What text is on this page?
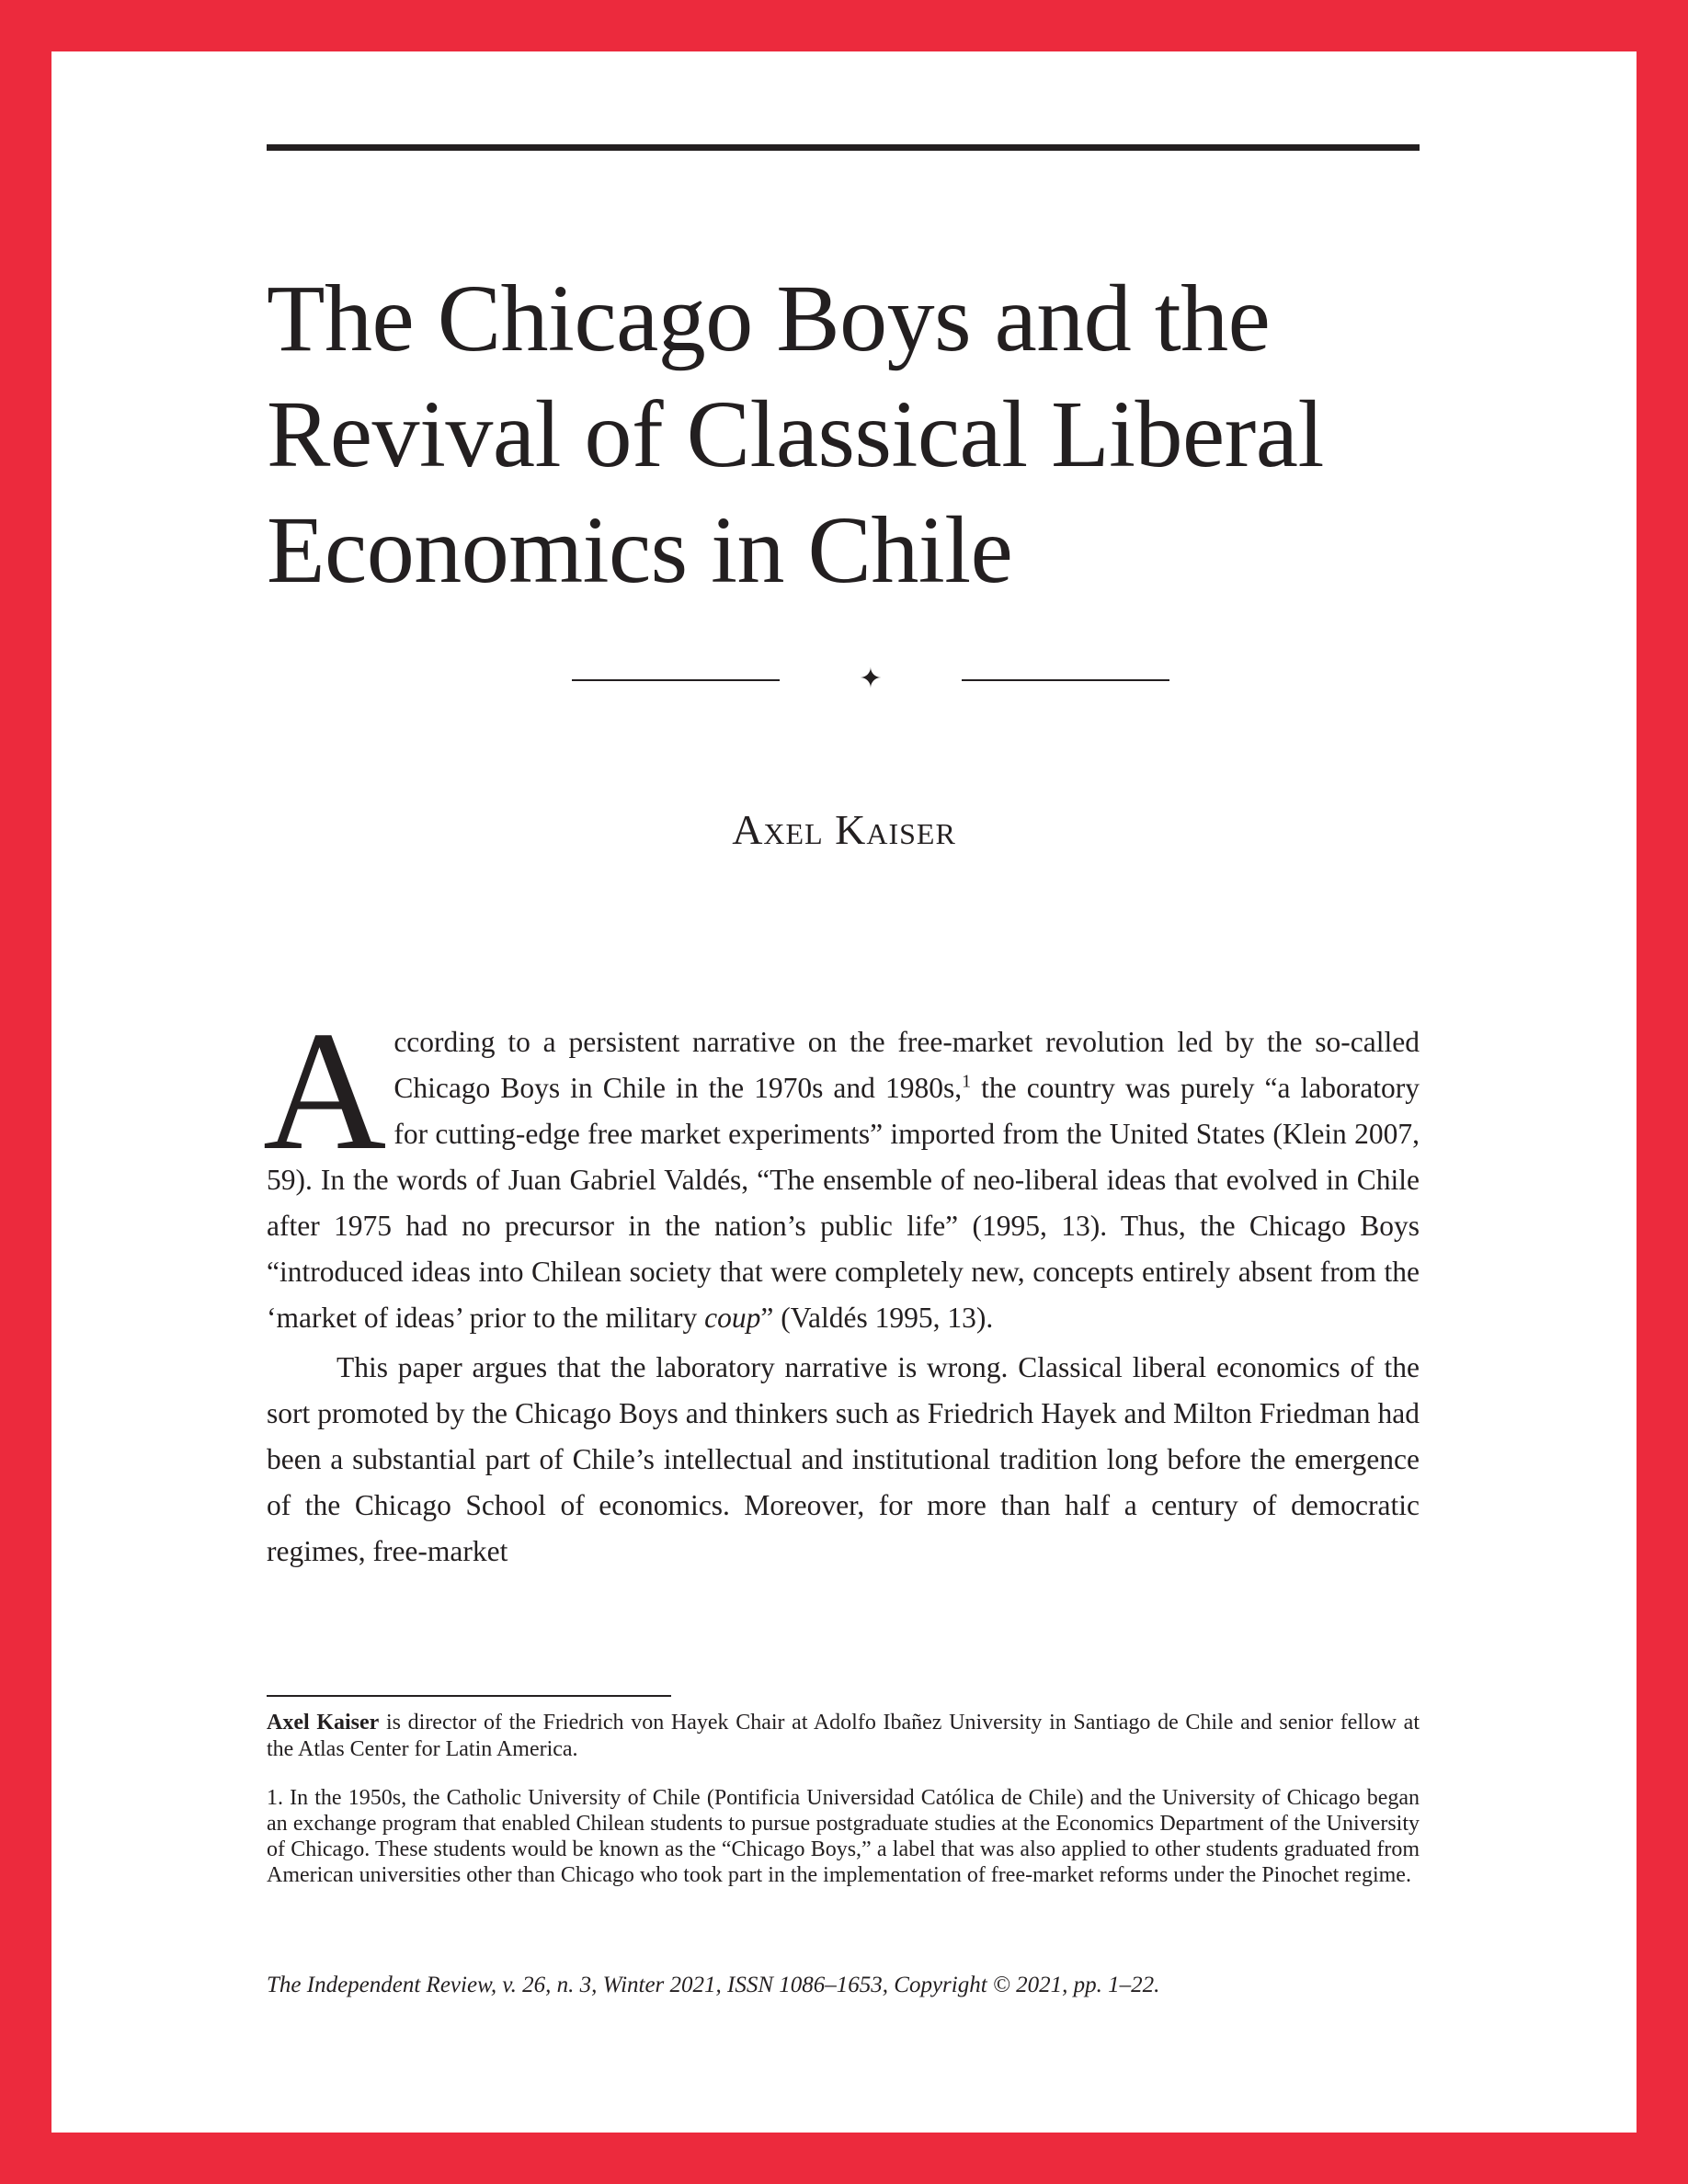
The Chicago Boys and the
Revival of Classical Liberal
Economics in Chile
✦
Axel Kaiser

According to a persistent narrative on the free-market revolution led by the so-called Chicago Boys in Chile in the 1970s and 1980s,$^1$ the country was purely “a laboratory for cutting-edge free market experiments” imported from the United States (Klein 2007, 59). In the words of Juan Gabriel Valdés, “The ensemble of neo-liberal ideas that evolved in Chile after 1975 had no precursor in the nation’s public life” (1995, 13). Thus, the Chicago Boys “introduced ideas into Chilean society that were completely new, concepts entirely absent from the ‘market of ideas’ prior to the military coup” (Valdés 1995, 13).

This paper argues that the laboratory narrative is wrong. Classical liberal economics of the sort promoted by the Chicago Boys and thinkers such as Friedrich Hayek and Milton Friedman had been a substantial part of Chile’s intellectual and institutional tradition long before the emergence of the Chicago School of economics. Moreover, for more than half a century of democratic regimes, free-market

Axel Kaiser is director of the Friedrich von Hayek Chair at Adolfo Ibañez University in Santiago de Chile and senior fellow at the Atlas Center for Latin America.

1. In the 1950s, the Catholic University of Chile (Pontificia Universidad Católica de Chile) and the University of Chicago began an exchange program that enabled Chilean students to pursue postgraduate studies at the Economics Department of the University of Chicago. These students would be known as the “Chicago Boys,” a label that was also applied to other students graduated from American universities other than Chicago who took part in the implementation of free-market reforms under the Pinochet regime.

The Independent Review, v. 26, n. 3, Winter 2021, ISSN 1086–1653, Copyright © 2021, pp. 1–22.
